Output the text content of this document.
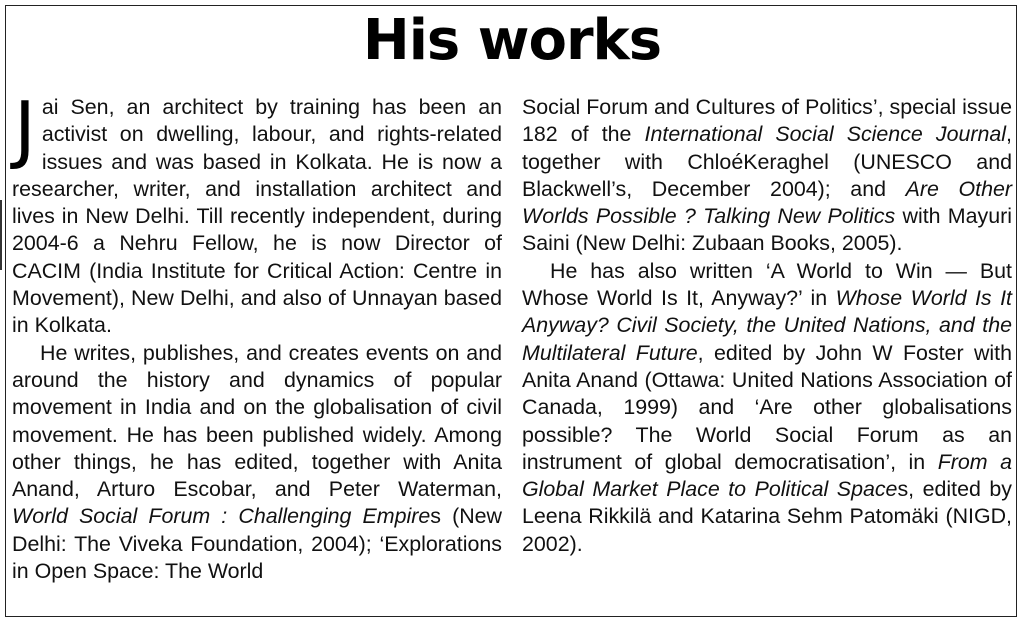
His works

Jai Sen, an architect by training has been an activist on dwelling, labour, and rights-related issues and was based in Kolkata. He is now a researcher, writer, and installation architect and lives in New Delhi. Till recently independent, during 2004-6 a Nehru Fellow, he is now Director of CACIM (India Institute for Critical Action: Centre in Movement), New Delhi, and also of Unnayan based in Kolkata.

He writes, publishes, and creates events on and around the history and dynamics of popular movement in India and on the globalisation of civil movement. He has been published widely. Among other things, he has edited, together with Anita Anand, Arturo Escobar, and Peter Waterman, World Social Forum : Challenging Empires (New Delhi: The Viveka Foundation, 2004); ‘Explorations in Open Space: The World

Social Forum and Cultures of Politics’, special issue 182 of the International Social Science Journal, together with ChloéKeraghel (UNESCO and Blackwell’s, December 2004); and Are Other Worlds Possible ? Talking New Politics with Mayuri Saini (New Delhi: Zubaan Books, 2005).

He has also written ‘A World to Win — But Whose World Is It, Anyway?’ in Whose World Is It Anyway? Civil Society, the United Nations, and the Multilateral Future, edited by John W Foster with Anita Anand (Ottawa: United Nations Association of Canada, 1999) and ‘Are other globalisations possible? The World Social Forum as an instrument of global democratisation’, in From a Global Market Place to Political Spaces, edited by Leena Rikkilä and Katarina Sehm Patomäki (NIGD, 2002).
